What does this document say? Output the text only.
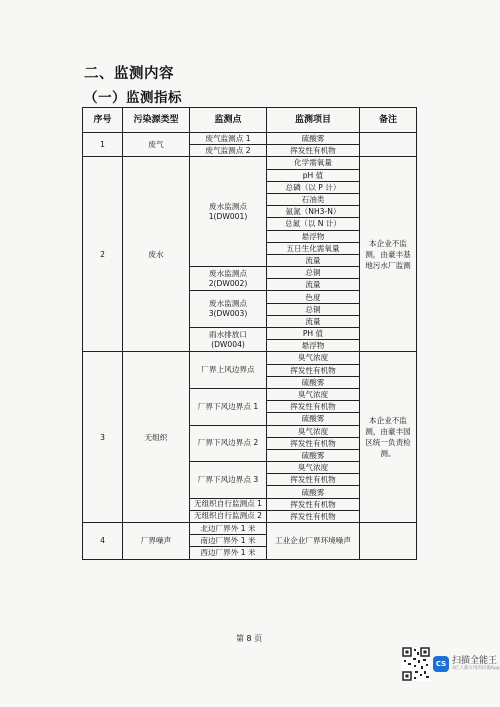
二、监测内容
（一）监测指标
序号	污染源类型	监测点	监测项目	备注
1	废气	废气监测点 1	硫酸雾	
		废气监测点 2	挥发性有机物	
2	废水	废水监测点 1(DW001)	化学需氧量	本企业不监测，由豪丰基地污水厂监测
			pH 值	
			总磷（以 P 计）	
			石油类	
			氨氮（NH3-N）	
			总氮（以 N 计）	
			悬浮物	
			五日生化需氧量	
			流量	
		废水监测点 2(DW002)	总铜	
			流量	
		废水监测点 3(DW003)	色度	
			总铜	
			流量	
		雨水排放口 (DW004)	PH 值	
			悬浮物	
3	无组织	厂界上风边界点	臭气浓度	本企业不监测，由豪丰园区统一负责检测。
			挥发性有机物	
			硫酸雾	
		厂界下风边界点 1	臭气浓度	
			挥发性有机物	
			硫酸雾	
		厂界下风边界点 2	臭气浓度	
			挥发性有机物	
			硫酸雾	
		厂界下风边界点 3	臭气浓度	
			挥发性有机物	
			硫酸雾	
		无组织自行监测点 1	挥发性有机物	

		无组织自行监测点 2	挥发性有机物	

4	厂界噪声	北边厂界外 1 米	工业企业厂界环境噪声	
		南边厂界外 1 米		
		西边厂界外 1 米		
第 8 页
CS 扫描全能王
3亿人都在用的扫描App
